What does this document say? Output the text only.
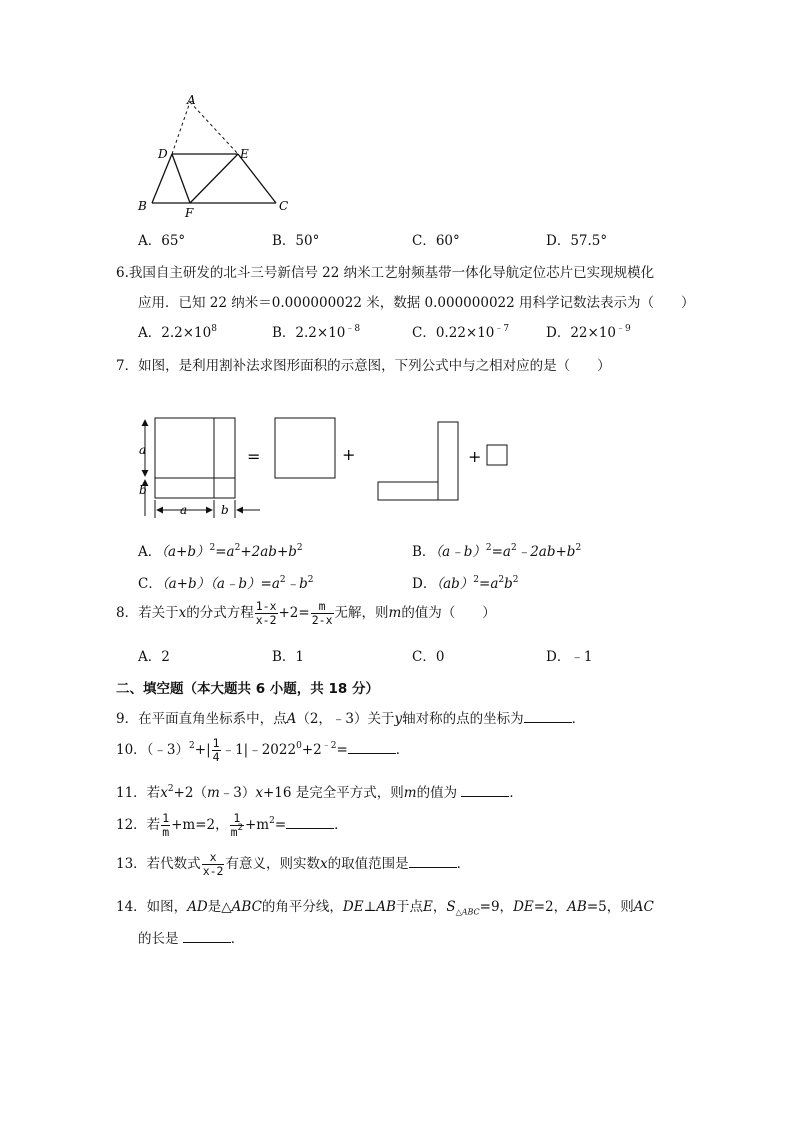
A
D	E
B	F	C
A．65°	B．50°	C．60°	D．57.5°
6.我国自主研发的北斗三号新信号 22 纳米工艺射频基带一体化导航定位芯片已实现规模化
应用．已知 22 纳米＝0.000000022 米，数据 0.000000022 用科学记数法表示为（　　）
A．$2.2\times 10^8$	B．$2.2\times 10^{﹣8}$	C．$0.22\times 10^{﹣7}$	D．$22\times 10^{﹣9}$
7．如图，是利用割补法求图形面积的示意图，下列公式中与之相对应的是（　　）
a
b
a	b
=	+	+
A．$(a+b)^2=a^2+2ab+b^2$	B．$(a﹣b)^2=a^2﹣2ab+b^2$
C．$(a+b)(a﹣b)=a^2﹣b^2$	D．$(ab)^2=a^2b^2$
8．若关于x的分式方程 $\frac{1-x}{x-2} +2= \frac{m}{2-x}$ 无解，则m的值为（　　）
A．2	B．1	C．0	D．﹣1
二、填空题（本大题共 6 小题，共 18 分）
9．在平面直角坐标系中，点A（2，﹣3）关于y轴对称的点的坐标为	．
10．（﹣3）$^2$+| $\frac{1}{4}$ $﹣1|﹣2022^0+2^{﹣2}=$	．
11．若$x^2+2(m﹣3)x+16$ 是完全平方式，则m的值为	．
12．若 $\frac{1}{m} +m=2$， $\frac{1}{m^2} +m^2=$	．
13．若代数式 $\frac{x}{x-2}$ 有意义，则实数x的取值范围是	．
14．如图，AD是△ABC的角平分线，DE⊥AB于点E，$S_{\triangle ABC}=9$，DE=2，AB=5，则AC
的长是	．
